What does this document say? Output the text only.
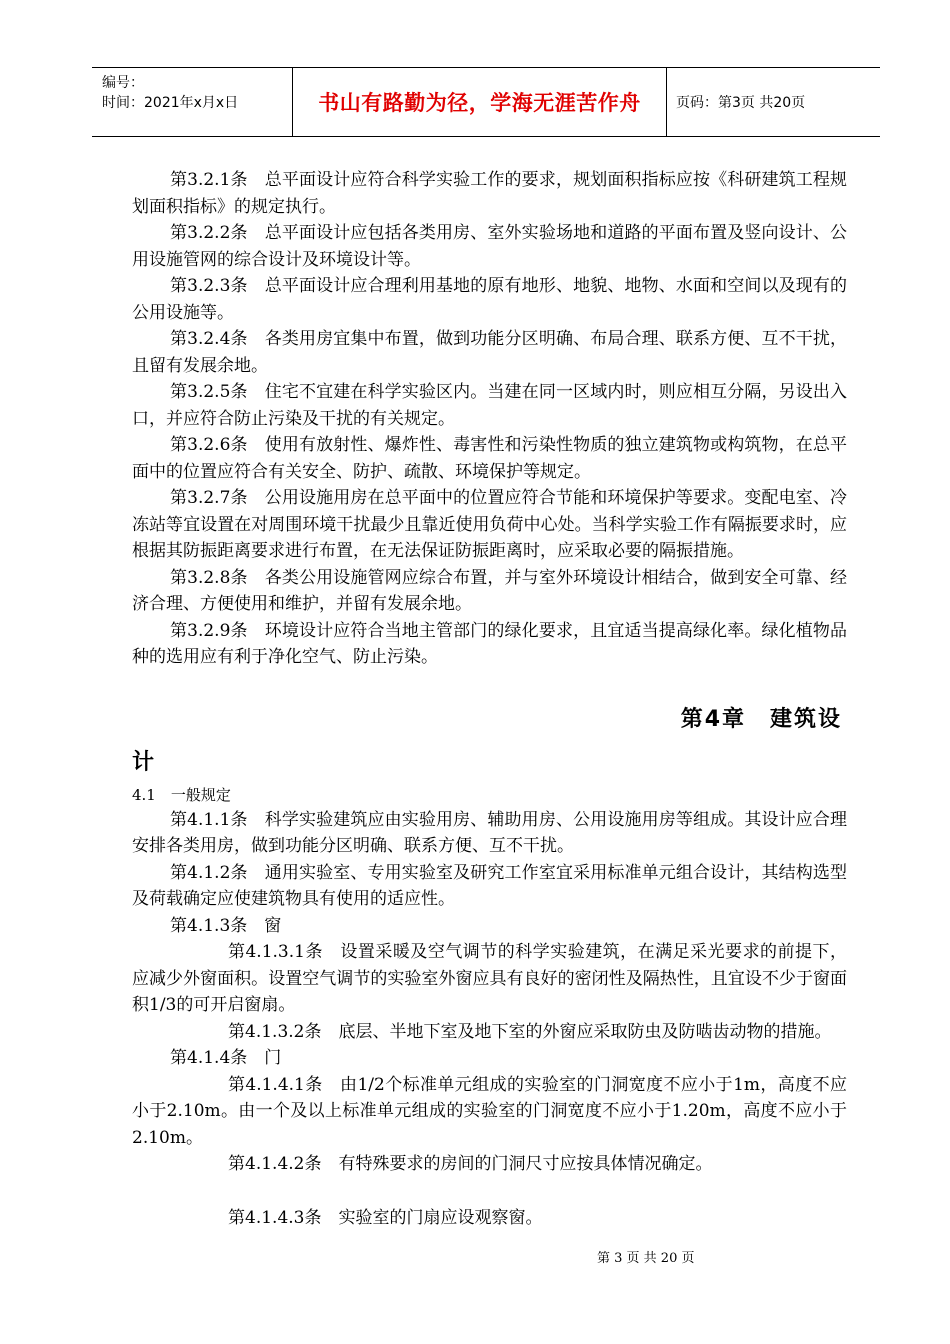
编号：
时间：2021年x月x日	书山有路勤为径，学海无涯苦作舟	页码：第3页 共20页

第3.2.1条　总平面设计应符合科学实验工作的要求，规划面积指标应按《科研建筑工程规划面积指标》的规定执行。

第3.2.2条　总平面设计应包括各类用房、室外实验场地和道路的平面布置及竖向设计、公用设施管网的综合设计及环境设计等。

第3.2.3条　总平面设计应合理利用基地的原有地形、地貌、地物、水面和空间以及现有的公用设施等。

第3.2.4条　各类用房宜集中布置，做到功能分区明确、布局合理、联系方便、互不干扰，且留有发展余地。

第3.2.5条　住宅不宜建在科学实验区内。当建在同一区域内时，则应相互分隔，另设出入口，并应符合防止污染及干扰的有关规定。

第3.2.6条　使用有放射性、爆炸性、毒害性和污染性物质的独立建筑物或构筑物，在总平面中的位置应符合有关安全、防护、疏散、环境保护等规定。

第3.2.7条　公用设施用房在总平面中的位置应符合节能和环境保护等要求。变配电室、冷冻站等宜设置在对周围环境干扰最少且靠近使用负荷中心处。当科学实验工作有隔振要求时，应根据其防振距离要求进行布置，在无法保证防振距离时，应采取必要的隔振措施。

第3.2.8条　各类公用设施管网应综合布置，并与室外环境设计相结合，做到安全可靠、经济合理、方便使用和维护，并留有发展余地。

第3.2.9条　环境设计应符合当地主管部门的绿化要求，且宜适当提高绿化率。绿化植物品种的选用应有利于净化空气、防止污染。

第4章　建筑设
计
4.1　一般规定

第4.1.1条　科学实验建筑应由实验用房、辅助用房、公用设施用房等组成。其设计应合理安排各类用房，做到功能分区明确、联系方便、互不干扰。

第4.1.2条　通用实验室、专用实验室及研究工作室宜采用标准单元组合设计，其结构选型及荷载确定应使建筑物具有使用的适应性。

第4.1.3条　窗

第4.1.3.1条　设置采暖及空气调节的科学实验建筑，在满足采光要求的前提下，应减少外窗面积。设置空气调节的实验室外窗应具有良好的密闭性及隔热性，且宜设不少于窗面积1/3的可开启窗扇。

第4.1.3.2条　底层、半地下室及地下室的外窗应采取防虫及防啮齿动物的措施。

第4.1.4条　门

第4.1.4.1条　由1/2个标准单元组成的实验室的门洞宽度不应小于1m，高度不应小于2.10m。由一个及以上标准单元组成的实验室的门洞宽度不应小于1.20m，高度不应小于2.10m。

第4.1.4.2条　有特殊要求的房间的门洞尺寸应按具体情况确定。

第4.1.4.3条　实验室的门扇应设观察窗。

第 3 页 共 20 页
